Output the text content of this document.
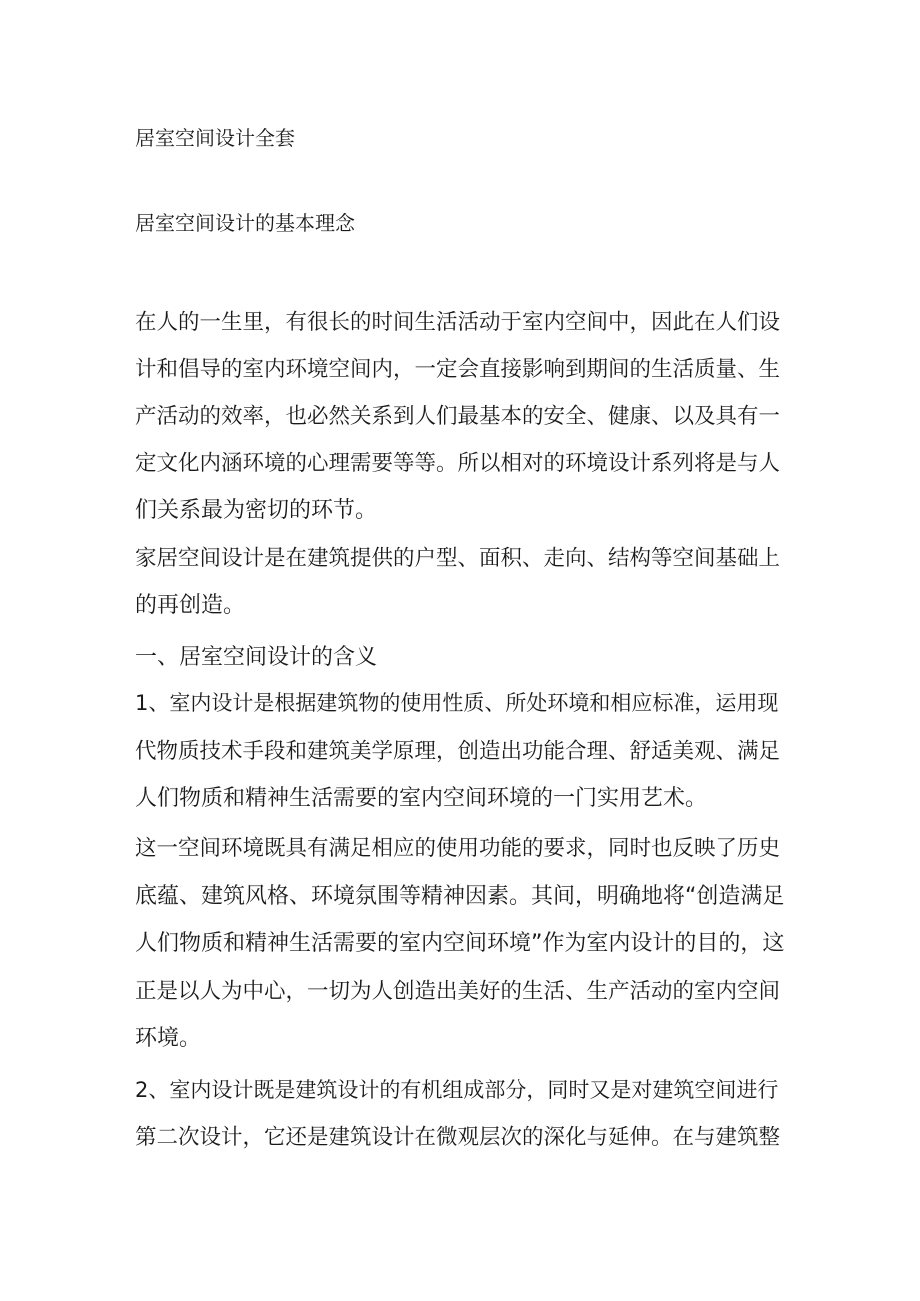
居室空间设计全套
居室空间设计的基本理念

在人的一生里，有很长的时间生活活动于室内空间中，因此在人们设

计和倡导的室内环境空间内，一定会直接影响到期间的生活质量、生

产活动的效率，也必然关系到人们最基本的安全、健康、以及具有一

定文化内涵环境的心理需要等等。所以相对的环境设计系列将是与人

们关系最为密切的环节。

家居空间设计是在建筑提供的户型、面积、走向、结构等空间基础上

的再创造。

一、居室空间设计的含义

1、室内设计是根据建筑物的使用性质、所处环境和相应标准，运用现

代物质技术手段和建筑美学原理，创造出功能合理、舒适美观、满足

人们物质和精神生活需要的室内空间环境的一门实用艺术。

这一空间环境既具有满足相应的使用功能的要求，同时也反映了历史

底蕴、建筑风格、环境氛围等精神因素。其间，明确地将“创造满足

人们物质和精神生活需要的室内空间环境”作为室内设计的目的，这

正是以人为中心，一切为人创造出美好的生活、生产活动的室内空间

环境。

2、室内设计既是建筑设计的有机组成部分，同时又是对建筑空间进行

第二次设计，它还是建筑设计在微观层次的深化与延伸。在与建筑整
